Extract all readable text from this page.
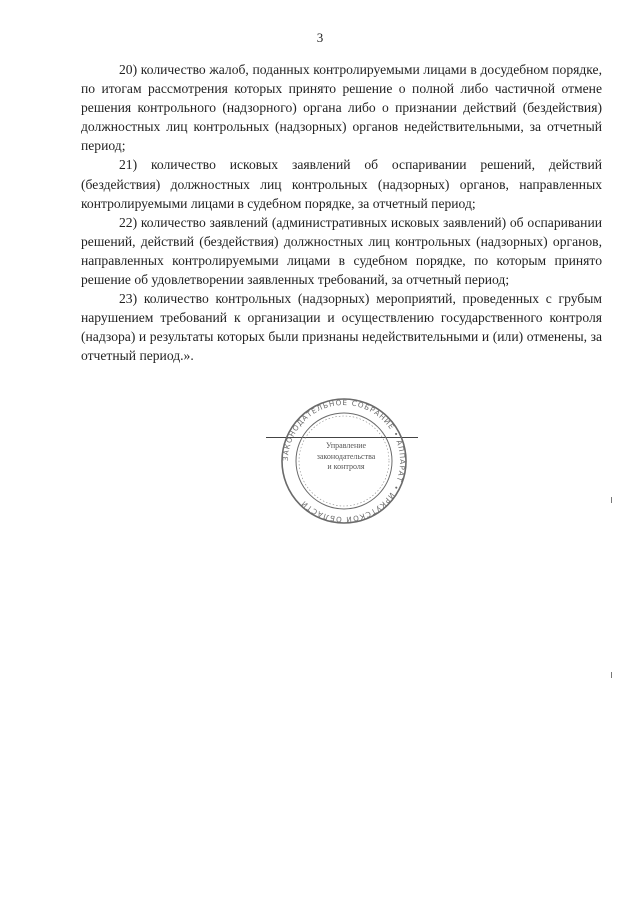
3

20) количество жалоб, поданных контролируемыми лицами в досудебном порядке, по итогам рассмотрения которых принято решение о полной либо частичной отмене решения контрольного (надзорного) органа либо о признании действий (бездействия) должностных лиц контрольных (надзорных) органов недействительными, за отчетный период;

21) количество исковых заявлений об оспаривании решений, действий (бездействия) должностных лиц контрольных (надзорных) органов, направленных контролируемыми лицами в судебном порядке, за отчетный период;

22) количество заявлений (административных исковых заявлений) об оспаривании решений, действий (бездействия) должностных лиц контрольных (надзорных) органов, направленных контролируемыми лицами в судебном порядке, по которым принято решение об удовлетворении заявленных требований, за отчетный период;

23) количество контрольных (надзорных) мероприятий, проведенных с грубым нарушением требований к организации и осуществлению государственного контроля (надзора) и результаты которых были признаны недействительными и (или) отменены, за отчетный период.».

ЗАКОНОДАТЕЛЬНОЕ СОБРАНИЕ • АППАРАТ • ИРКУТСКОЙ ОБЛАСТИ
Управление
законодательства
и контроля
